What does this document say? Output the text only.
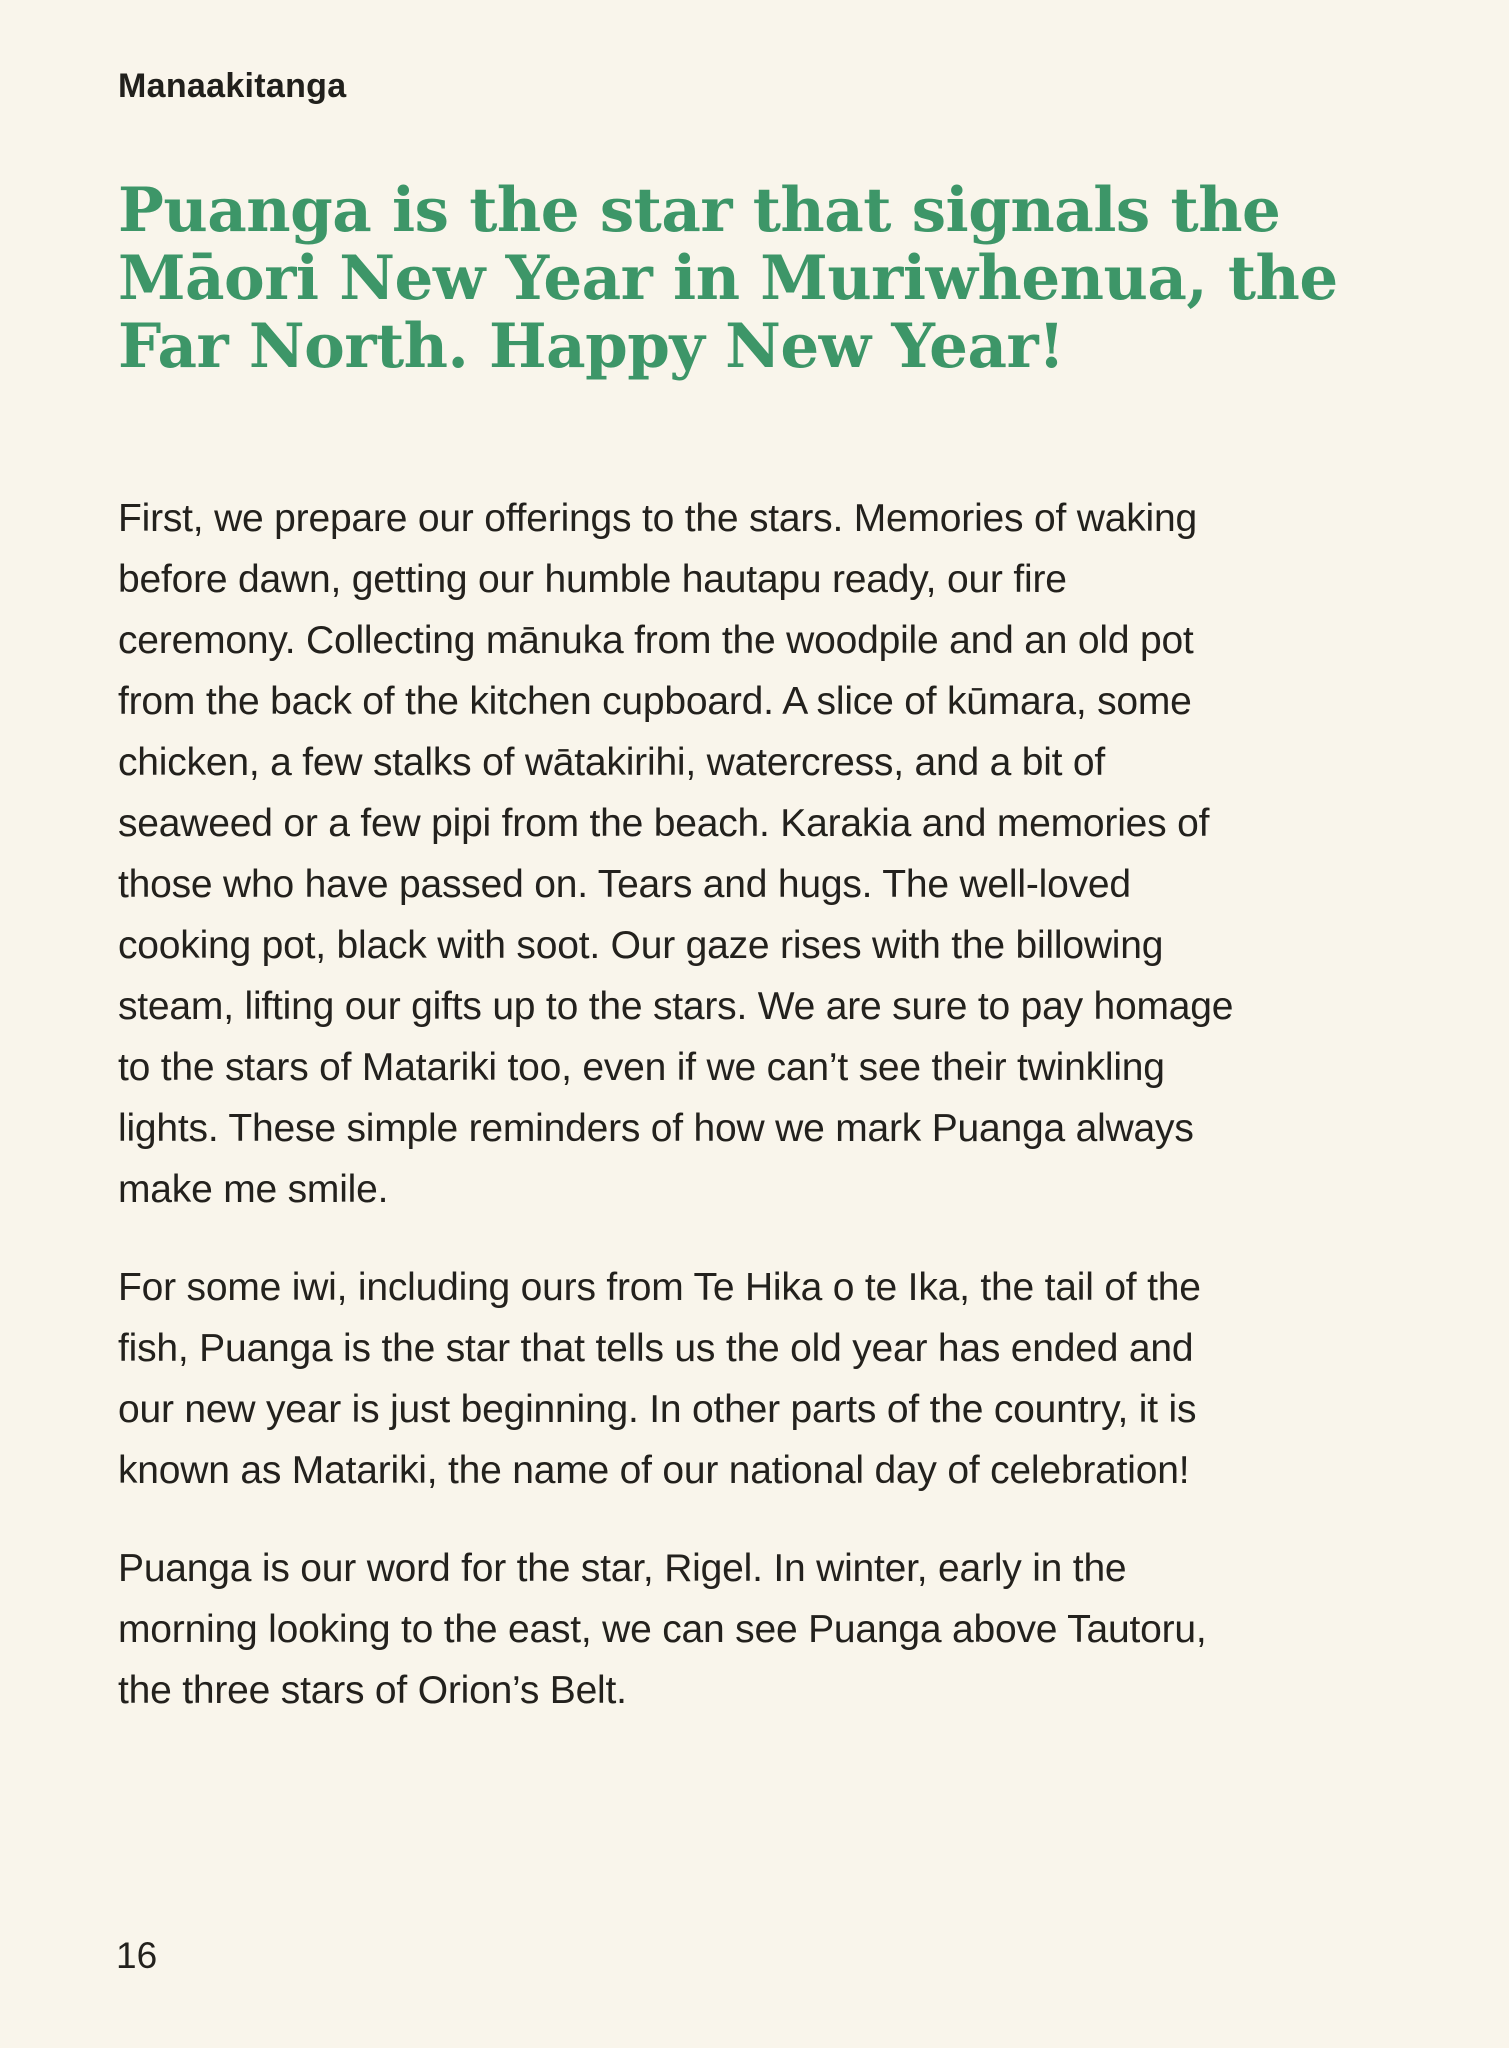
Manaakitanga
Puanga is the star that signals the
Māori New Year in Muriwhenua, the
Far North. Happy New Year!

First, we prepare our offerings to the stars. Memories of waking before dawn, getting our humble hautapu ready, our fire ceremony. Collecting mānuka from the woodpile and an old pot from the back of the kitchen cupboard. A slice of kūmara, some chicken, a few stalks of wātakirihi, watercress, and a bit of seaweed or a few pipi from the beach. Karakia and memories of those who have passed on. Tears and hugs. The well-loved cooking pot, black with soot. Our gaze rises with the billowing steam, lifting our gifts up to the stars. We are sure to pay homage to the stars of Matariki too, even if we can’t see their twinkling lights. These simple reminders of how we mark Puanga always make me smile.

For some iwi, including ours from Te Hika o te Ika, the tail of the fish, Puanga is the star that tells us the old year has ended and our new year is just beginning. In other parts of the country, it is known as Matariki, the name of our national day of celebration!

Puanga is our word for the star, Rigel. In winter, early in the morning looking to the east, we can see Puanga above Tautoru, the three stars of Orion’s Belt.

16
